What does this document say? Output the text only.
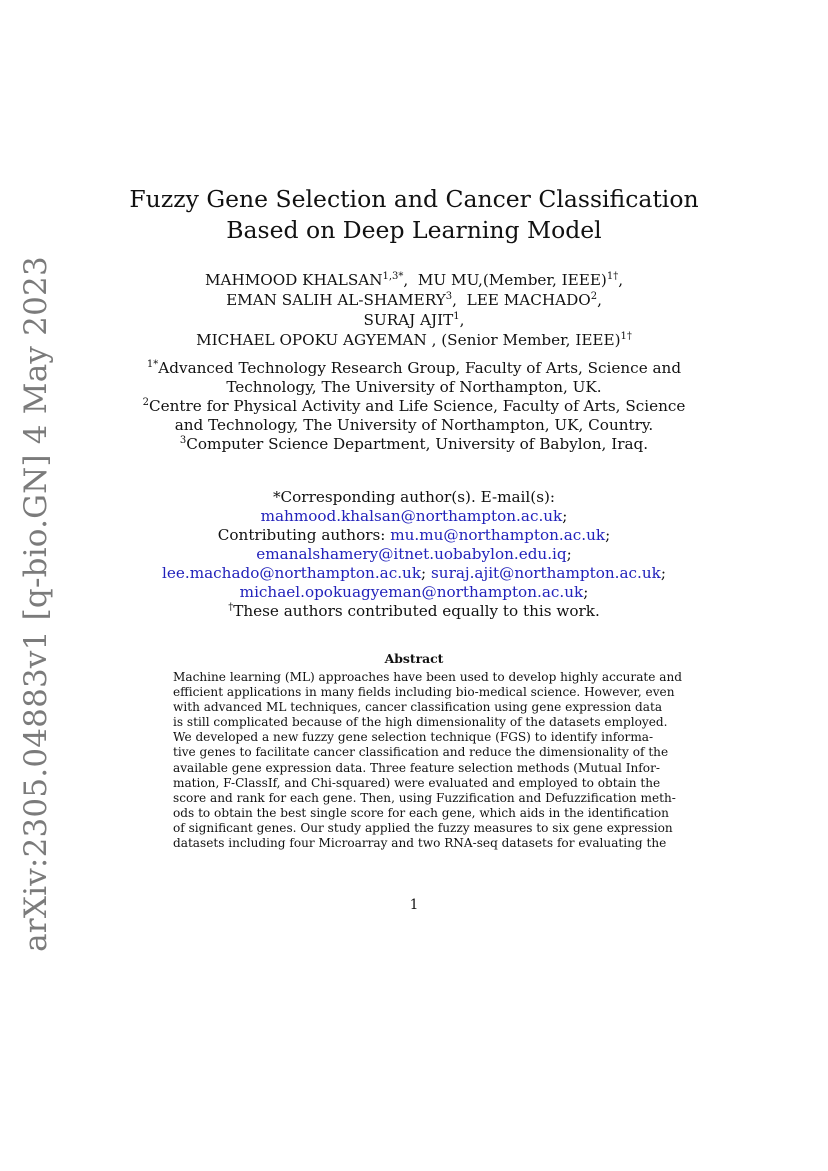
arXiv:2305.04883v1 [q-bio.GN] 4 May 2023
Fuzzy Gene Selection and Cancer Classification
Based on Deep Learning Model
MAHMOOD $KHALSAN^{1,3*}$,  MU MU,(Member, IEEE)$^{1\dagger}$,
EMAN SALIH AL-SHAMERY$^3$,  LEE MACHADO$^2$,
SURAJ AJIT$^1$,
MICHAEL OPOKU AGYEMAN , (Senior Member, IEEE)$^{1\dagger}$
$^{1*}$Advanced Technology Research Group, Faculty of Arts, Science and
Technology, The University of Northampton, UK.
$^2$Centre for Physical Activity and Life Science, Faculty of Arts, Science
and Technology, The University of Northampton, UK, Country.
$^3$Computer Science Department, University of Babylon, Iraq.
*Corresponding author(s). E-mail(s):
mahmood.khalsan@northampton.ac.uk;
Contributing authors: mu.mu@northampton.ac.uk;
emanalshamery@itnet.uobabylon.edu.iq;
lee.machado@northampton.ac.uk; suraj.ajit@northampton.ac.uk;
michael.opokuagyeman@northampton.ac.uk;
†These authors contributed equally to this work.
Abstract
Machine learning (ML) approaches have been used to develop highly accurate and
efficient applications in many fields including bio-medical science. However, even
with advanced ML techniques, cancer classification using gene expression data
is still complicated because of the high dimensionality of the datasets employed.
We developed a new fuzzy gene selection technique (FGS) to identify informa-
tive genes to facilitate cancer classification and reduce the dimensionality of the
available gene expression data. Three feature selection methods (Mutual Infor-
mation, F-ClassIf, and Chi-squared) were evaluated and employed to obtain the
score and rank for each gene. Then, using Fuzzification and Defuzzification meth-
ods to obtain the best single score for each gene, which aids in the identification
of significant genes. Our study applied the fuzzy measures to six gene expression
datasets including four Microarray and two RNA-seq datasets for evaluating the
1
